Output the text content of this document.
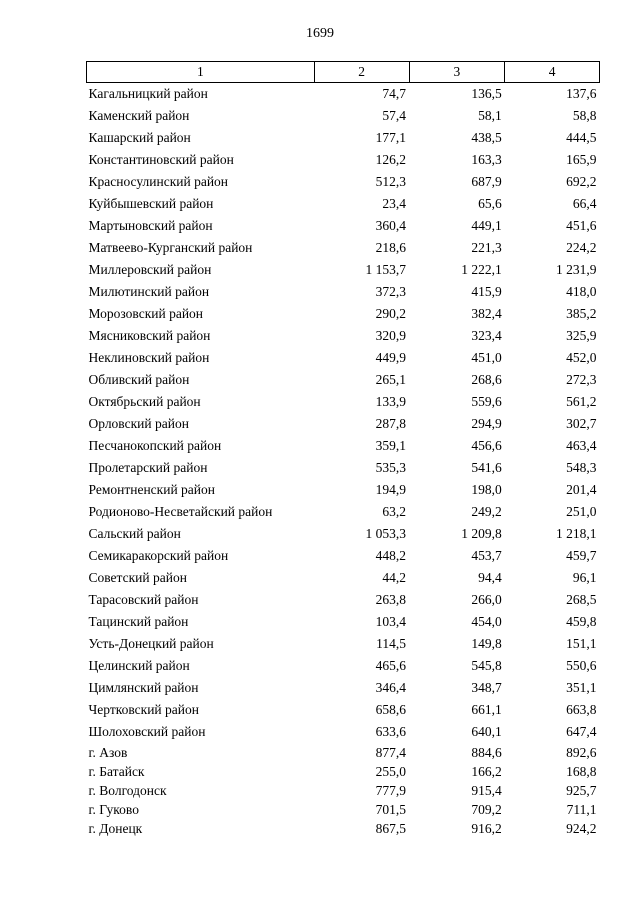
1699
1	2	3	4
Кагальницкий район	74,7	136,5	137,6
Каменский район	57,4	58,1	58,8
Кашарский район	177,1	438,5	444,5
Константиновский район	126,2	163,3	165,9
Красносулинский район	512,3	687,9	692,2
Куйбышевский район	23,4	65,6	66,4
Мартыновский район	360,4	449,1	451,6
Матвеево-Курганский район	218,6	221,3	224,2
Миллеровский район	1 153,7	1 222,1	1 231,9
Милютинский район	372,3	415,9	418,0
Морозовский район	290,2	382,4	385,2
Мясниковский район	320,9	323,4	325,9
Неклиновский район	449,9	451,0	452,0
Обливский район	265,1	268,6	272,3
Октябрьский район	133,9	559,6	561,2
Орловский район	287,8	294,9	302,7
Песчанокопский район	359,1	456,6	463,4
Пролетарский район	535,3	541,6	548,3
Ремонтненский район	194,9	198,0	201,4
Родионово-Несветайский район	63,2	249,2	251,0
Сальский район	1 053,3	1 209,8	1 218,1
Семикаракорский район	448,2	453,7	459,7
Советский район	44,2	94,4	96,1
Тарасовский район	263,8	266,0	268,5
Тацинский район	103,4	454,0	459,8
Усть-Донецкий район	114,5	149,8	151,1
Целинский район	465,6	545,8	550,6
Цимлянский район	346,4	348,7	351,1
Чертковский район	658,6	661,1	663,8
Шолоховский район	633,6	640,1	647,4
г. Азов	877,4	884,6	892,6
г. Батайск	255,0	166,2	168,8
г. Волгодонск	777,9	915,4	925,7
г. Гуково	701,5	709,2	711,1
г. Донецк	867,5	916,2	924,2
